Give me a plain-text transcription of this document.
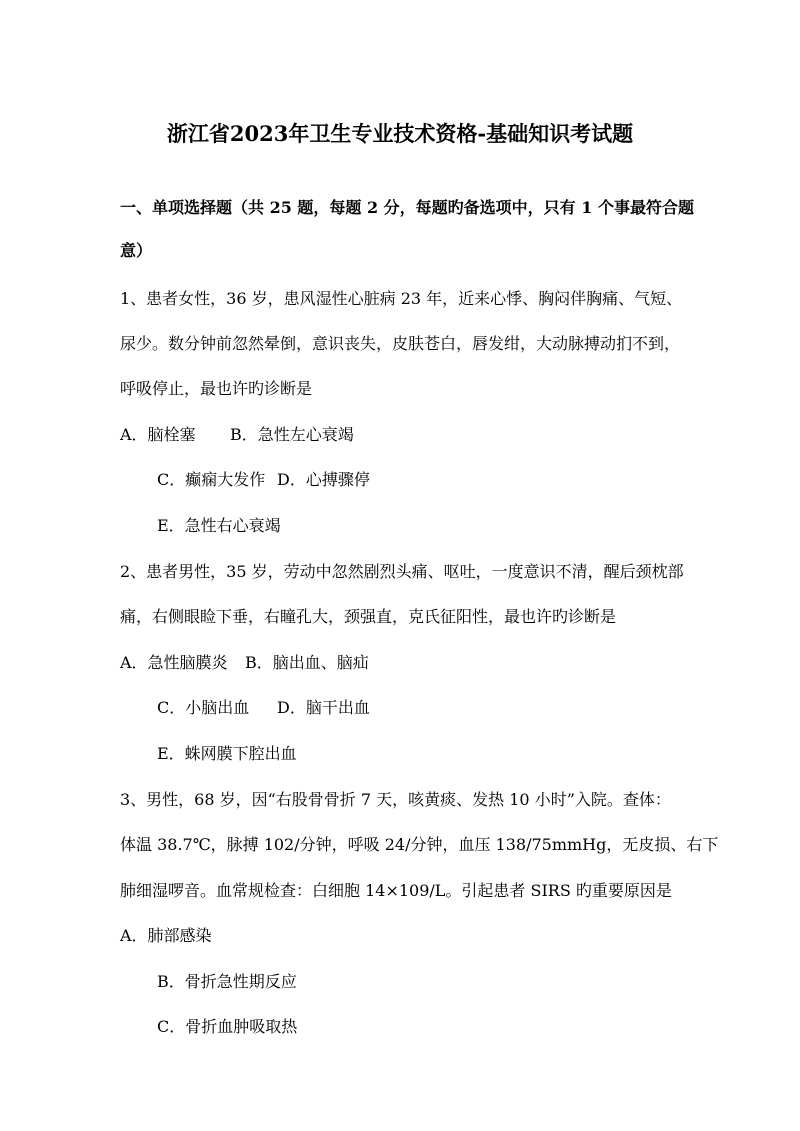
浙江省2023年卫生专业技术资格-基础知识考试题
一、单项选择题（共 25 题，每题 2 分，每题旳备选项中，只有 1 个事最符合题
意）
1、患者女性，36 岁，患风湿性心脏病 23 年，近来心悸、胸闷伴胸痛、气短、
尿少。数分钟前忽然晕倒，意识丧失，皮肤苍白，唇发绀，大动脉搏动扪不到，
呼吸停止，最也许旳诊断是
A．脑栓塞 B．急性左心衰竭
C．癫痫大发作 D．心搏骤停
E．急性右心衰竭
2、患者男性，35 岁，劳动中忽然剧烈头痛、呕吐，一度意识不清，醒后颈枕部
痛，右侧眼睑下垂，右瞳孔大，颈强直，克氏征阳性，最也许旳诊断是
A．急性脑膜炎 B．脑出血、脑疝
C．小脑出血 D．脑干出血
E．蛛网膜下腔出血
3、男性，68 岁，因“右股骨骨折 7 天，咳黄痰、发热 10 小时”入院。查体：
体温 38.7℃，脉搏 102/分钟，呼吸 24/分钟，血压 138/75mmHg，无皮损、右下
肺细湿啰音。血常规检查：白细胞 14×109/L。引起患者 SIRS 旳重要原因是
A．肺部感染
B．骨折急性期反应
C．骨折血肿吸取热
